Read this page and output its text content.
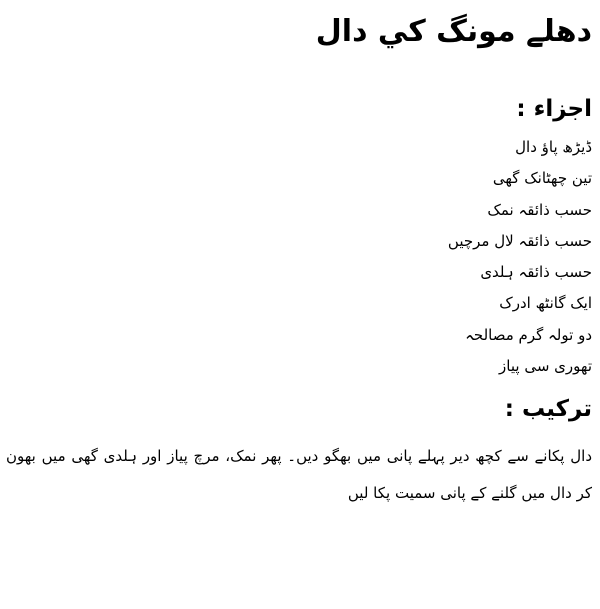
دهلے مونگ كي دال
اجزاء :
ڈیڑھ پاؤ دال
تین چھٹانک گھی
حسب ذائقہ نمک
حسب ذائقہ لال مرچیں
حسب ذائقہ ہلدی
ایک گانٹھ ادرک
دو تولہ گرم مصالحہ
تھوری سی پیاز
ترکیب :

دال پکانے سے کچھ دیر پہلے پانی میں بھگو دیں۔ پھر نمک، مرچ پیاز اور ہلدی گھی میں بھون کر دال میں گلنے کے پانی سمیت پکا لیں
